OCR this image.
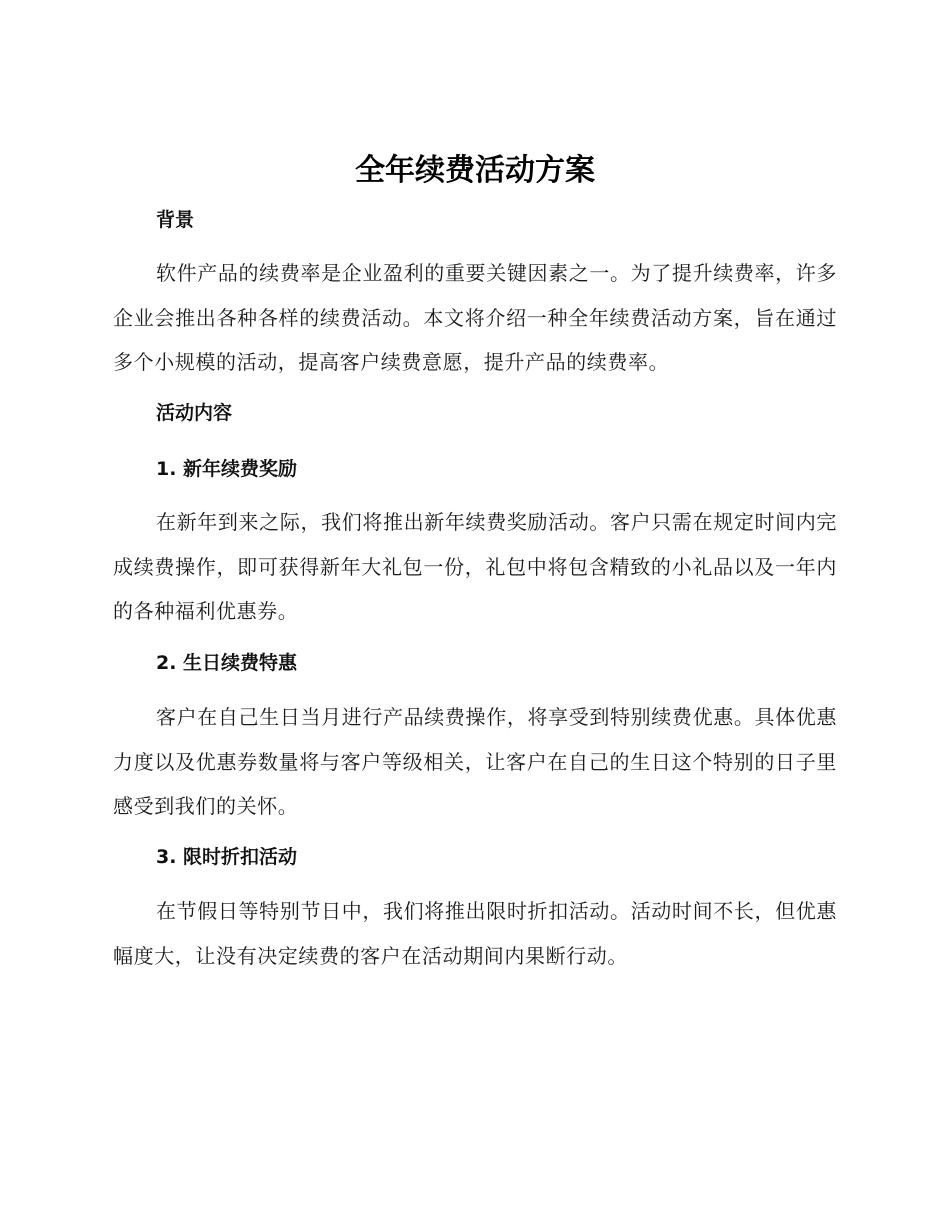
全年续费活动方案
背景

软件产品的续费率是企业盈利的重要关键因素之一。为了提升续费率，许多企业会推出各种各样的续费活动。本文将介绍一种全年续费活动方案，旨在通过多个小规模的活动，提高客户续费意愿，提升产品的续费率。

活动内容
1. 新年续费奖励

在新年到来之际，我们将推出新年续费奖励活动。客户只需在规定时间内完成续费操作，即可获得新年大礼包一份，礼包中将包含精致的小礼品以及一年内的各种福利优惠券。

2. 生日续费特惠

客户在自己生日当月进行产品续费操作，将享受到特别续费优惠。具体优惠力度以及优惠券数量将与客户等级相关，让客户在自己的生日这个特别的日子里感受到我们的关怀。

3. 限时折扣活动

在节假日等特别节日中，我们将推出限时折扣活动。活动时间不长，但优惠幅度大，让没有决定续费的客户在活动期间内果断行动。
